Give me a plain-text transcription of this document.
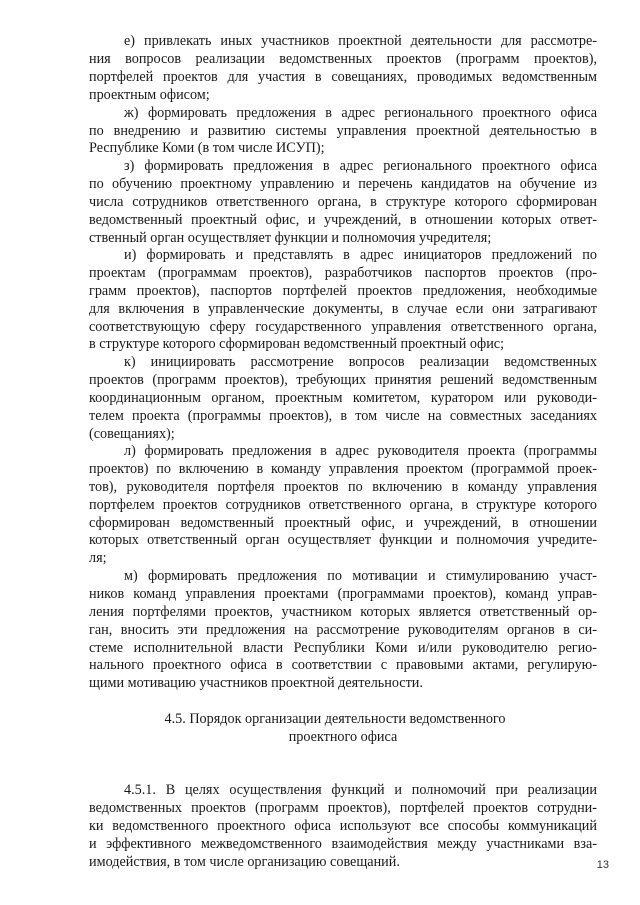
е) привлекать иных участников проектной деятельности для рассмотре-
ния вопросов реализации ведомственных проектов (программ проектов),
портфелей проектов для участия в совещаниях, проводимых ведомственным
проектным офисом;
ж) формировать предложения в адрес регионального проектного офиса
по внедрению и развитию системы управления проектной деятельностью в
Республике Коми (в том числе ИСУП);
з) формировать предложения в адрес регионального проектного офиса
по обучению проектному управлению и перечень кандидатов на обучение из
числа сотрудников ответственного органа, в структуре которого сформирован
ведомственный проектный офис, и учреждений, в отношении которых ответ-
ственный орган осуществляет функции и полномочия учредителя;
и) формировать и представлять в адрес инициаторов предложений по
проектам (программам проектов), разработчиков паспортов проектов (про-
грамм проектов), паспортов портфелей проектов предложения, необходимые
для включения в управленческие документы, в случае если они затрагивают
соответствующую сферу государственного управления ответственного органа,
в структуре которого сформирован ведомственный проектный офис;
к) инициировать рассмотрение вопросов реализации ведомственных
проектов (программ проектов), требующих принятия решений ведомственным
координационным органом, проектным комитетом, куратором или руководи-
телем проекта (программы проектов), в том числе на совместных заседаниях
(совещаниях);
л) формировать предложения в адрес руководителя проекта (программы
проектов) по включению в команду управления проектом (программой проек-
тов), руководителя портфеля проектов по включению в команду управления
портфелем проектов сотрудников ответственного органа, в структуре которого
сформирован ведомственный проектный офис, и учреждений, в отношении
которых ответственный орган осуществляет функции и полномочия учредите-
ля;
м) формировать предложения по мотивации и стимулированию участ-
ников команд управления проектами (программами проектов), команд управ-
ления портфелями проектов, участником которых является ответственный ор-
ган, вносить эти предложения на рассмотрение руководителям органов в си-
стеме исполнительной власти Республики Коми и/или руководителю регио-
нального проектного офиса в соответствии с правовыми актами, регулирую-
щими мотивацию участников проектной деятельности.
4.5. Порядок организации деятельности ведомственного
проектного офиса
4.5.1. В целях осуществления функций и полномочий при реализации
ведомственных проектов (программ проектов), портфелей проектов сотрудни-
ки ведомственного проектного офиса используют все способы коммуникаций
и эффективного межведомственного взаимодействия между участниками вза-
имодействия, в том числе организацию совещаний.	13
